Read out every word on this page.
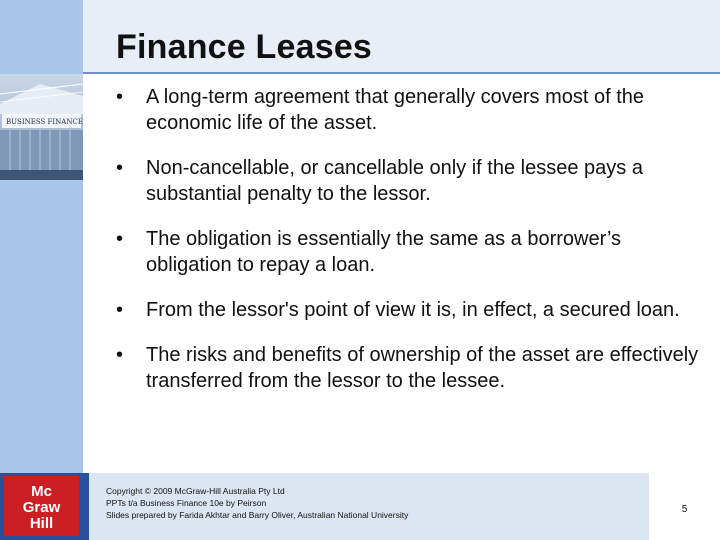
Finance Leases
BUSINESS FINANCE
• A long-term agreement that generally covers most of the economic life of the asset.
• Non-cancellable, or cancellable only if the lessee pays a substantial penalty to the lessor.
• The obligation is essentially the same as a borrower’s obligation to repay a loan.
• From the lessor's point of view it is, in effect, a secured loan.
• The risks and benefits of ownership of the asset are effectively transferred from the lessor to the lessee.
Copyright © 2009 McGraw-Hill Australia Pty Ltd
PPTs t/a Business Finance 10e by Peirson
Slides prepared by Farida Akhtar and Barry Oliver, Australian National University	5
Mc
Graw
Hill
